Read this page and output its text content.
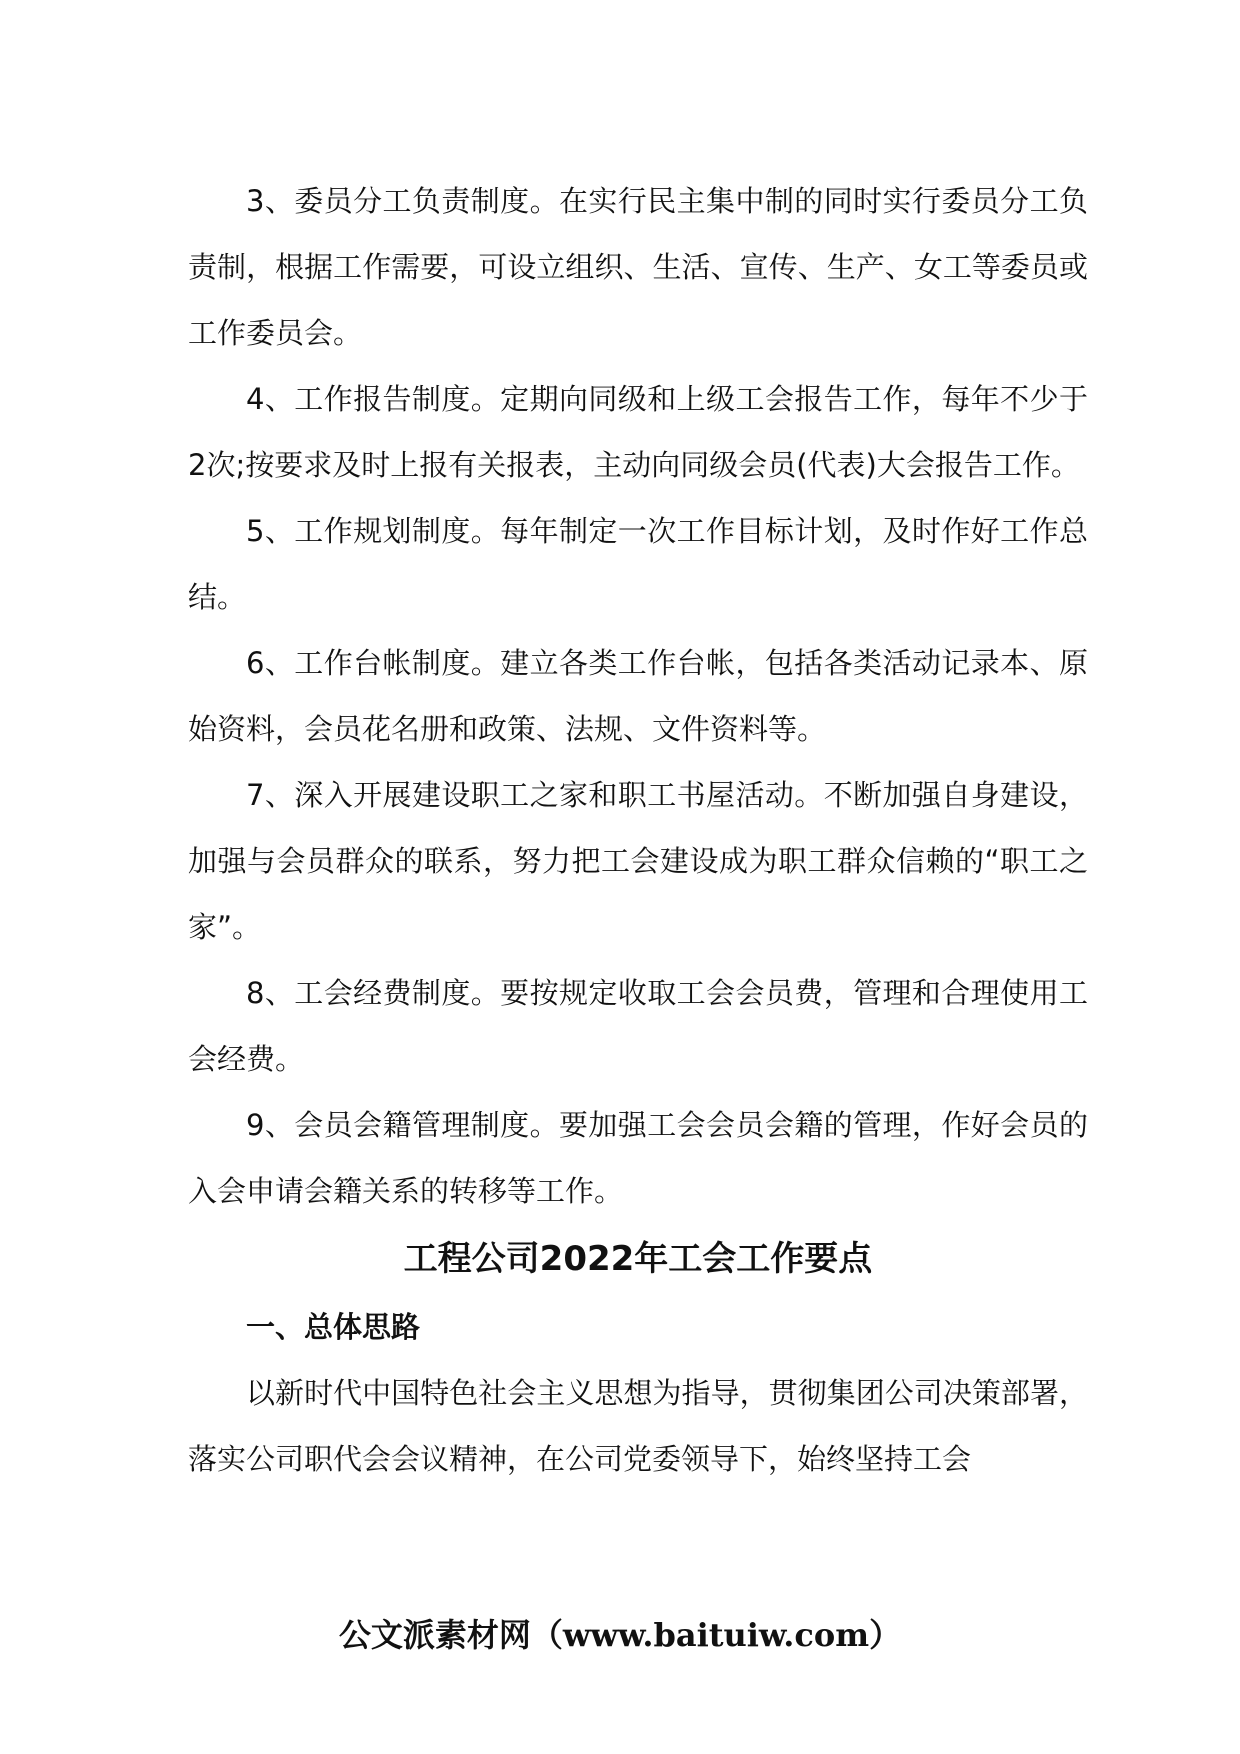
3、委员分工负责制度。在实行民主集中制的同时实行委员分工负责制，根据工作需要，可设立组织、生活、宣传、生产、女工等委员或工作委员会。

4、工作报告制度。定期向同级和上级工会报告工作，每年不少于2次;按要求及时上报有关报表，主动向同级会员(代表)大会报告工作。

5、工作规划制度。每年制定一次工作目标计划，及时作好工作总结。

6、工作台帐制度。建立各类工作台帐，包括各类活动记录本、原始资料，会员花名册和政策、法规、文件资料等。

7、深入开展建设职工之家和职工书屋活动。不断加强自身建设，加强与会员群众的联系，努力把工会建设成为职工群众信赖的“职工之家”。

8、工会经费制度。要按规定收取工会会员费，管理和合理使用工会经费。

9、会员会籍管理制度。要加强工会会员会籍的管理，作好会员的入会申请会籍关系的转移等工作。

工程公司2022年工会工作要点
一、总体思路

以新时代中国特色社会主义思想为指导，贯彻集团公司决策部署，落实公司职代会会议精神，在公司党委领导下，始终坚持工会

公文派素材网（www.baituiw.com）
